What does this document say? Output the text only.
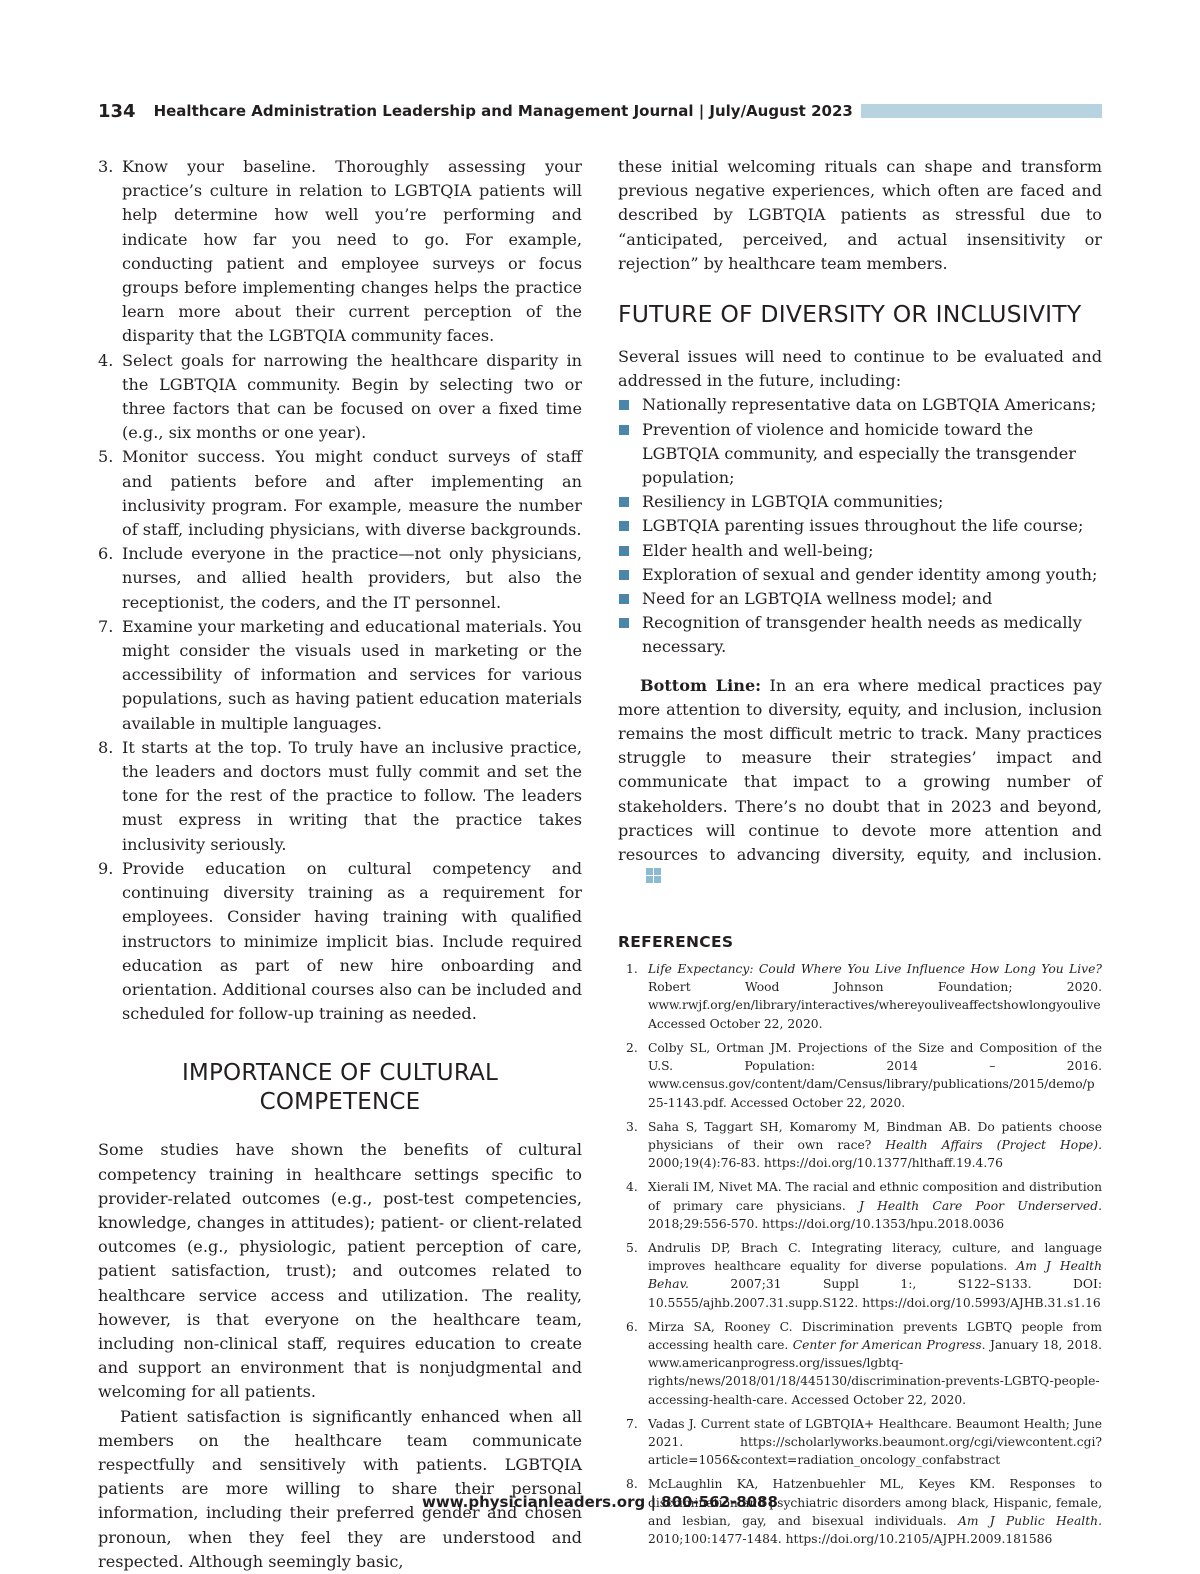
134 Healthcare Administration Leadership and Management Journal | July/August 2023
3. Know your baseline. Thoroughly assessing your practice’s culture in relation to LGBTQIA patients will help determine how well you’re performing and indicate how far you need to go. For example, conducting patient and employee surveys or focus groups before implementing changes helps the practice learn more about their current perception of the disparity that the LGBTQIA community faces.
4. Select goals for narrowing the healthcare disparity in the LGBTQIA community. Begin by selecting two or three factors that can be focused on over a fixed time (e.g., six months or one year).
5. Monitor success. You might conduct surveys of staff and patients before and after implementing an inclusivity program. For example, measure the number of staff, including physicians, with diverse backgrounds.
6. Include everyone in the practice—not only physicians, nurses, and allied health providers, but also the receptionist, the coders, and the IT personnel.
7. Examine your marketing and educational materials. You might consider the visuals used in marketing or the accessibility of information and services for various populations, such as having patient education materials available in multiple languages.
8. It starts at the top. To truly have an inclusive practice, the leaders and doctors must fully commit and set the tone for the rest of the practice to follow. The leaders must express in writing that the practice takes inclusivity seriously.
9. Provide education on cultural competency and continuing diversity training as a requirement for employees. Consider having training with qualified instructors to minimize implicit bias. Include required education as part of new hire onboarding and orientation. Additional courses also can be included and scheduled for follow-up training as needed.
IMPORTANCE OF CULTURAL COMPETENCE

Some studies have shown the benefits of cultural competency training in healthcare settings specific to provider-related outcomes (e.g., post-test competencies, knowledge, changes in attitudes); patient- or client-related outcomes (e.g., physiologic, patient perception of care, patient satisfaction, trust); and outcomes related to healthcare service access and utilization. The reality, however, is that everyone on the healthcare team, including non-clinical staff, requires education to create and support an environment that is nonjudgmental and welcoming for all patients.

Patient satisfaction is significantly enhanced when all members on the healthcare team communicate respectfully and sensitively with patients. LGBTQIA patients are more willing to share their personal information, including their preferred gender and chosen pronoun, when they feel they are understood and respected. Although seemingly basic,

these initial welcoming rituals can shape and transform previous negative experiences, which often are faced and described by LGBTQIA patients as stressful due to “anticipated, perceived, and actual insensitivity or rejection” by healthcare team members.

FUTURE OF DIVERSITY OR INCLUSIVITY

Several issues will need to continue to be evaluated and addressed in the future, including:

Nationally representative data on LGBTQIA Americans;
Prevention of violence and homicide toward the LGBTQIA community, and especially the transgender population;
Resiliency in LGBTQIA communities;
LGBTQIA parenting issues throughout the life course;
Elder health and well-being;
Exploration of sexual and gender identity among youth;
Need for an LGBTQIA wellness model; and
Recognition of transgender health needs as medically necessary.

Bottom Line: In an era where medical practices pay more attention to diversity, equity, and inclusion, inclusion remains the most difficult metric to track. Many practices struggle to measure their strategies’ impact and communicate that impact to a growing number of stakeholders. There’s no doubt that in 2023 and beyond, practices will continue to devote more attention and resources to advancing diversity, equity, and inclusion.

REFERENCES
1. Life Expectancy: Could Where You Live Influence How Long You Live? Robert Wood Johnson Foundation; 2020. www.rwjf.org/en/library/interactives/whereyouliveaffectshowlongyoulive Accessed October 22, 2020.
2. Colby SL, Ortman JM. Projections of the Size and Composition of the U.S. Population: 2014 – 2016. www.census.gov/content/dam/Census/library/publications/2015/demo/p25-1143.pdf. Accessed October 22, 2020.
3. Saha S, Taggart SH, Komaromy M, Bindman AB. Do patients choose physicians of their own race? Health Affairs (Project Hope). 2000;19(4):76-83. https://doi.org/10.1377/hlthaff.19.4.76
4. Xierali IM, Nivet MA. The racial and ethnic composition and distribution of primary care physicians. J Health Care Poor Underserved. 2018;29:556-570. https://doi.org/10.1353/hpu.2018.0036
5. Andrulis DP, Brach C. Integrating literacy, culture, and language improves healthcare equality for diverse populations. Am J Health Behav. 2007;31 Suppl 1:, S122–S133. DOI: 10.5555/ajhb.2007.31.supp.S122. https://doi.org/10.5993/AJHB.31.s1.16
6. Mirza SA, Rooney C. Discrimination prevents LGBTQ people from accessing health care. Center for American Progress. January 18, 2018. www.americanprogress.org/issues/lgbtq-rights/news/2018/01/18/445130/discrimination-prevents-LGBTQ-people-accessing-health-care. Accessed October 22, 2020.
7. Vadas J. Current state of LGBTQIA+ Healthcare. Beaumont Health; June 2021. https://scholarlyworks.beaumont.org/cgi/viewcontent.cgi?article=1056&context=radiation_oncology_confabstract
8. McLaughlin KA, Hatzenbuehler ML, Keyes KM. Responses to discrimination and psychiatric disorders among black, Hispanic, female, and lesbian, gay, and bisexual individuals. Am J Public Health. 2010;100:1477-1484. https://doi.org/10.2105/AJPH.2009.181586
www.physicianleaders.org | 800-562-8088
